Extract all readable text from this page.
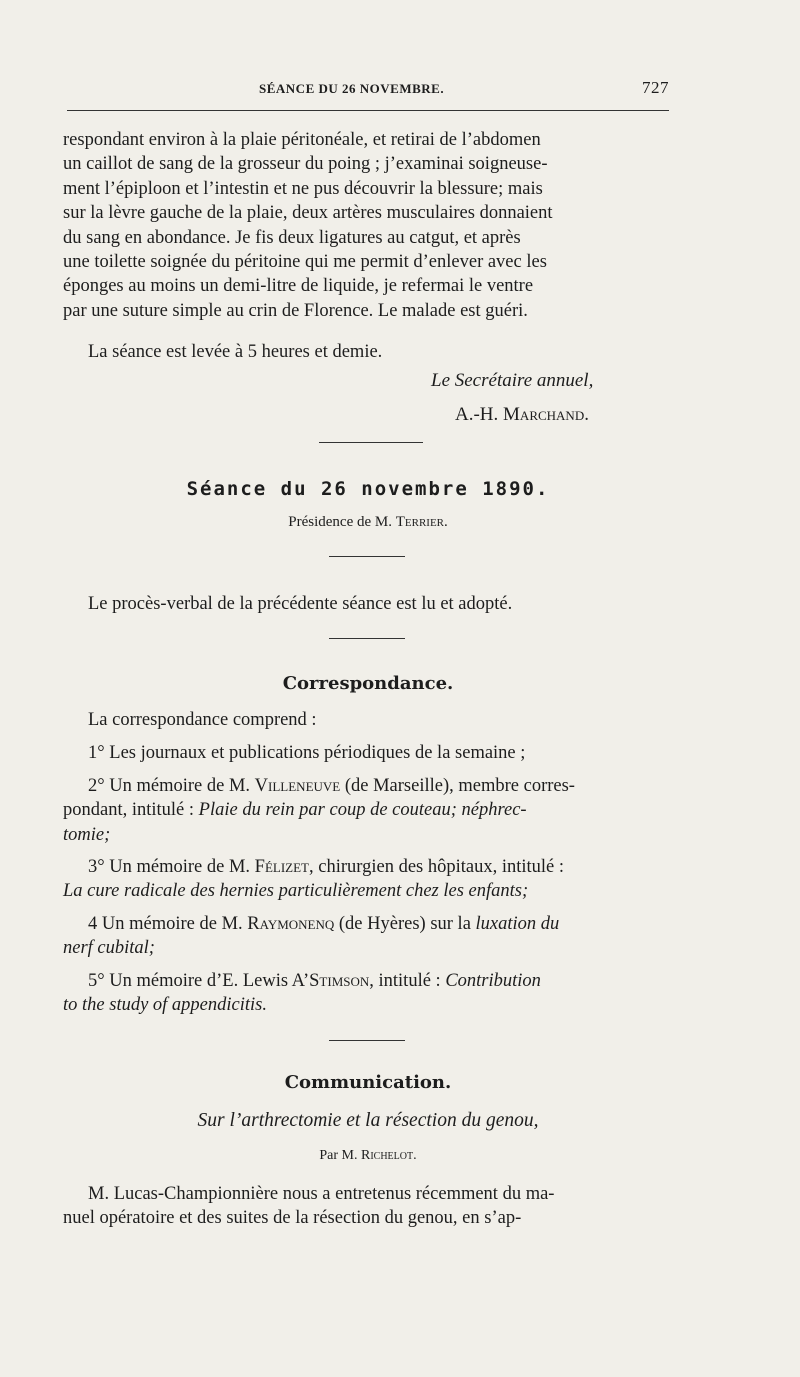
SÉANCE DU 26 NOVEMBRE.	727

respondant environ à la plaie péritonéale, et retirai de l’abdomen

un caillot de sang de la grosseur du poing ; j’examinai soigneuse-

ment l’épiploon et l’intestin et ne pus découvrir la blessure; mais

sur la lèvre gauche de la plaie, deux artères musculaires donnaient

du sang en abondance. Je fis deux ligatures au catgut, et après

une toilette soignée du péritoine qui me permit d’enlever avec les

éponges au moins un demi-litre de liquide, je refermai le ventre

par une suture simple au crin de Florence. Le malade est guéri.

La séance est levée à 5 heures et demie.

Le Secrétaire annuel,
A.-H. Marchand.
Séance du 26 novembre 1890.
Présidence de M. Terrier.

Le procès-verbal de la précédente séance est lu et adopté.

Correspondance.

La correspondance comprend :

1° Les journaux et publications périodiques de la semaine ;

2° Un mémoire de M. Villeneuve (de Marseille), membre corres-

pondant, intitulé : Plaie du rein par coup de couteau; néphrec-

tomie;

3° Un mémoire de M. Félizet, chirurgien des hôpitaux, intitulé :

La cure radicale des hernies particulièrement chez les enfants;

4 Un mémoire de M. Raymonenq (de Hyères) sur la luxation du

nerf cubital;

5° Un mémoire d’E. Lewis A’Stimson, intitulé : Contribution

to the study of appendicitis.

Communication.
Sur l’arthrectomie et la résection du genou,
Par M. Richelot.

M. Lucas-Championnière nous a entretenus récemment du ma-

nuel opératoire et des suites de la résection du genou, en s’ap-
